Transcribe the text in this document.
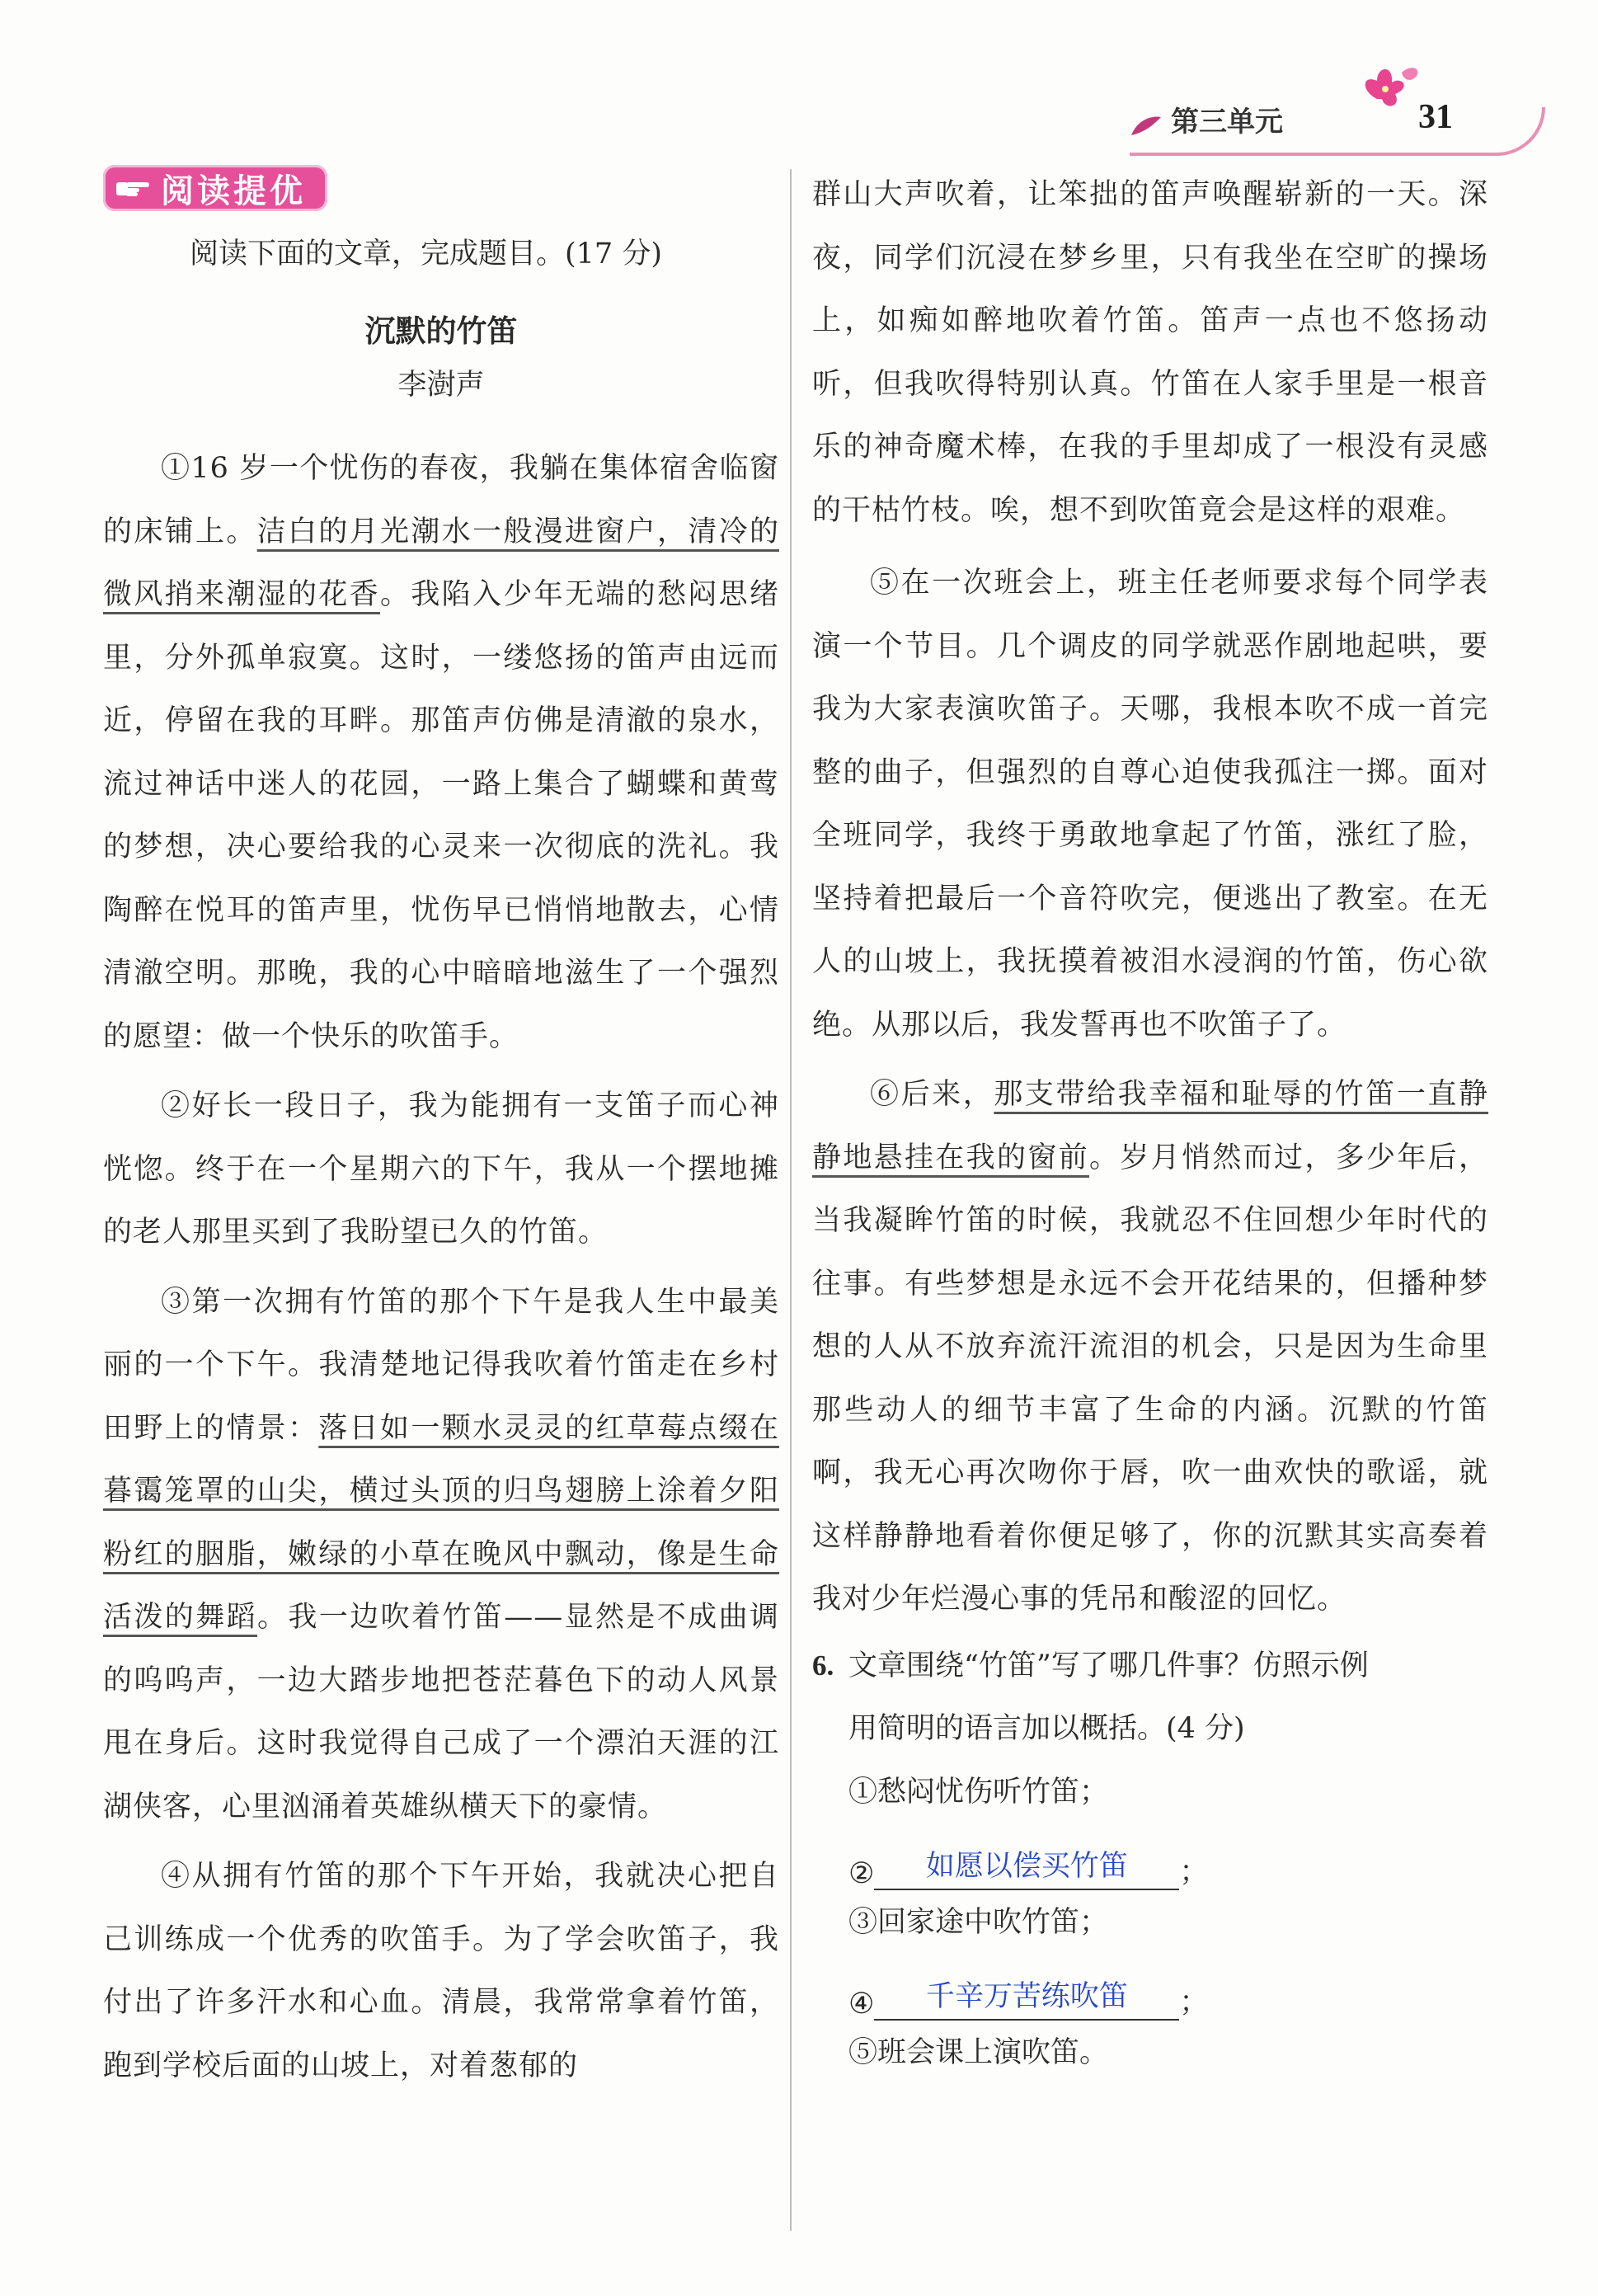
第三单元	31
阅读提优
阅读下面的文章，完成题目。(17 分)
沉默的竹笛
李澍声

①16 岁一个忧伤的春夜，我躺在集体宿舍临窗的床铺上。洁白的月光潮水一般漫进窗户，清冷的微风捎来潮湿的花香。我陷入少年无端的愁闷思绪里，分外孤单寂寞。这时，一缕悠扬的笛声由远而近，停留在我的耳畔。那笛声仿佛是清澈的泉水，流过神话中迷人的花园，一路上集合了蝴蝶和黄莺的梦想，决心要给我的心灵来一次彻底的洗礼。我陶醉在悦耳的笛声里，忧伤早已悄悄地散去，心情清澈空明。那晚，我的心中暗暗地滋生了一个强烈的愿望：做一个快乐的吹笛手。

②好长一段日子，我为能拥有一支笛子而心神恍惚。终于在一个星期六的下午，我从一个摆地摊的老人那里买到了我盼望已久的竹笛。

③第一次拥有竹笛的那个下午是我人生中最美丽的一个下午。我清楚地记得我吹着竹笛走在乡村田野上的情景：落日如一颗水灵灵的红草莓点缀在暮霭笼罩的山尖，横过头顶的归鸟翅膀上涂着夕阳粉红的胭脂，嫩绿的小草在晚风中飘动，像是生命活泼的舞蹈。我一边吹着竹笛——显然是不成曲调的呜呜声，一边大踏步地把苍茫暮色下的动人风景甩在身后。这时我觉得自己成了一个漂泊天涯的江湖侠客，心里汹涌着英雄纵横天下的豪情。

④从拥有竹笛的那个下午开始，我就决心把自己训练成一个优秀的吹笛手。为了学会吹笛子，我付出了许多汗水和心血。清晨，我常常拿着竹笛，跑到学校后面的山坡上，对着葱郁的

群山大声吹着，让笨拙的笛声唤醒崭新的一天。深夜，同学们沉浸在梦乡里，只有我坐在空旷的操场上，如痴如醉地吹着竹笛。笛声一点也不悠扬动听，但我吹得特别认真。竹笛在人家手里是一根音乐的神奇魔术棒，在我的手里却成了一根没有灵感的干枯竹枝。唉，想不到吹笛竟会是这样的艰难。

⑤在一次班会上，班主任老师要求每个同学表演一个节目。几个调皮的同学就恶作剧地起哄，要我为大家表演吹笛子。天哪，我根本吹不成一首完整的曲子，但强烈的自尊心迫使我孤注一掷。面对全班同学，我终于勇敢地拿起了竹笛，涨红了脸，坚持着把最后一个音符吹完，便逃出了教室。在无人的山坡上，我抚摸着被泪水浸润的竹笛，伤心欲绝。从那以后，我发誓再也不吹笛子了。

⑥后来，那支带给我幸福和耻辱的竹笛一直静静地悬挂在我的窗前。岁月悄然而过，多少年后，当我凝眸竹笛的时候，我就忍不住回想少年时代的往事。有些梦想是永远不会开花结果的，但播种梦想的人从不放弃流汗流泪的机会，只是因为生命里那些动人的细节丰富了生命的内涵。沉默的竹笛啊，我无心再次吻你于唇，吹一曲欢快的歌谣，就这样静静地看着你便足够了，你的沉默其实高奏着我对少年烂漫心事的凭吊和酸涩的回忆。

6. 文章围绕“竹笛”写了哪几件事？仿照示例
用简明的语言加以概括。(4 分)
①愁闷忧伤听竹笛；
②	如愿以偿买竹笛	；
③回家途中吹竹笛；
④	千辛万苦练吹笛	；
⑤班会课上演吹笛。
